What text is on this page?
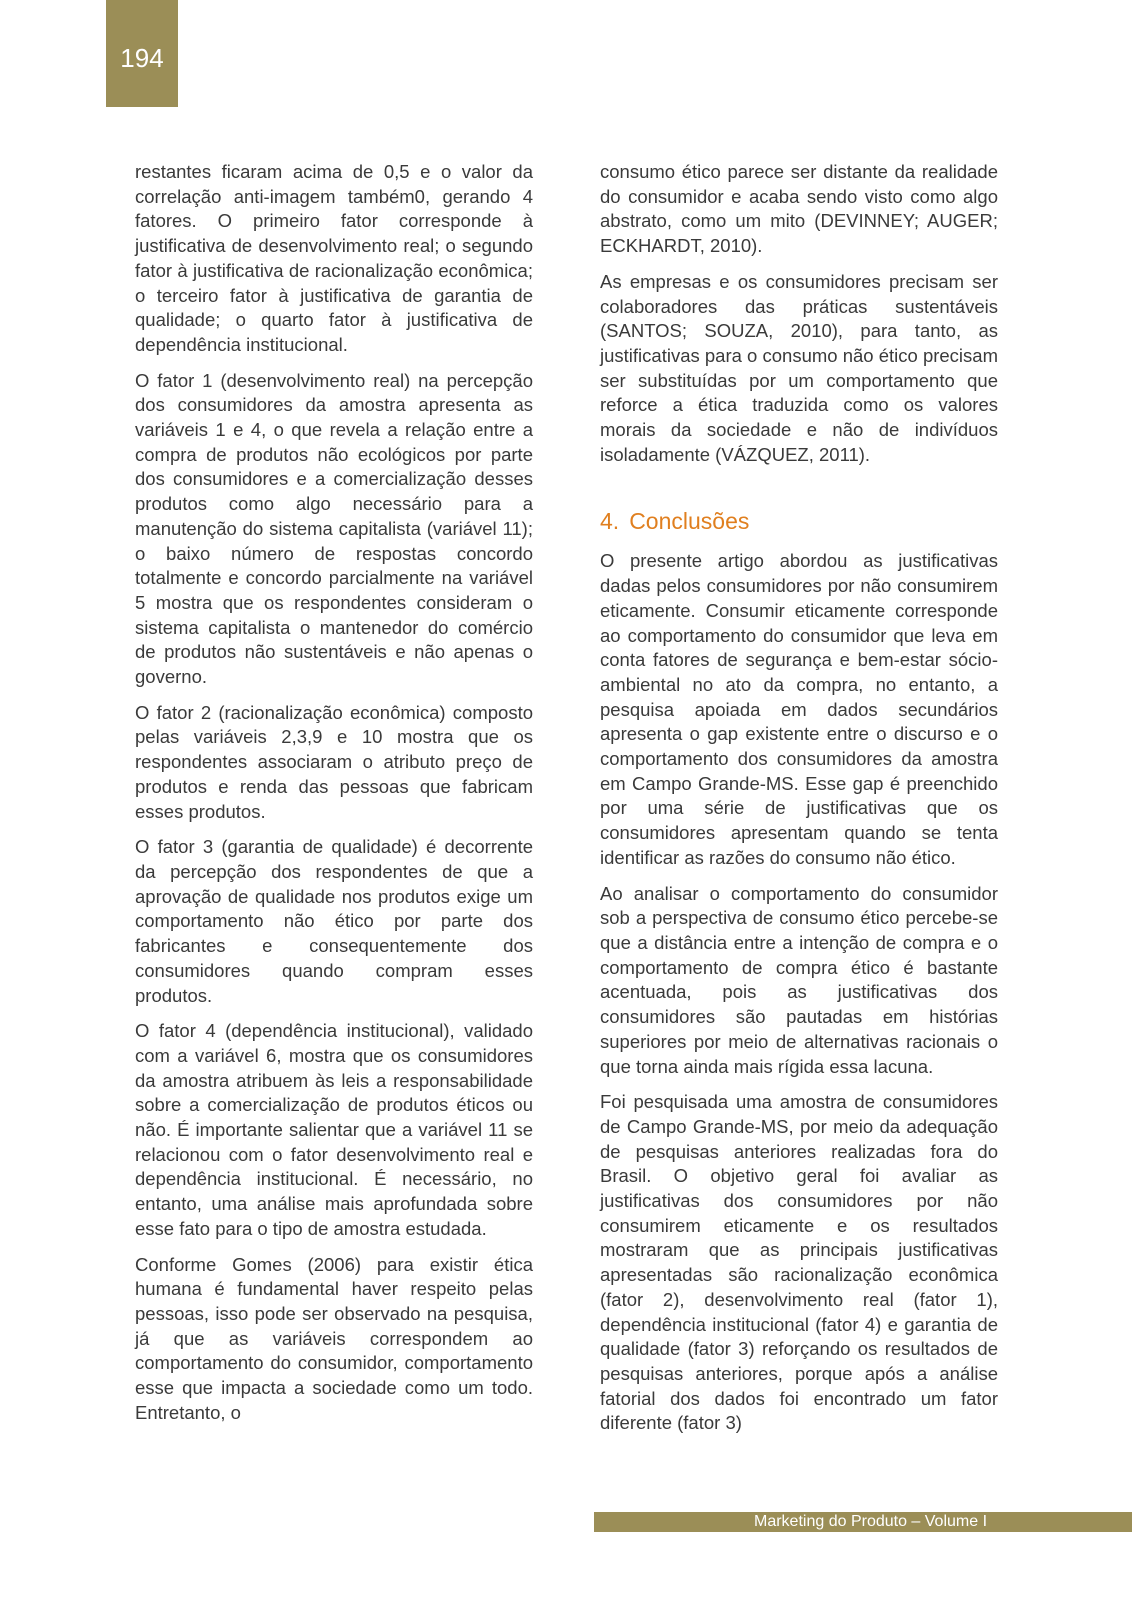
194

restantes ficaram acima de 0,5 e o valor da correlação anti-imagem também0, gerando 4 fatores. O primeiro fator corresponde à justificativa de desenvolvimento real; o segundo fator à justificativa de racionalização econômica; o terceiro fator à justificativa de garantia de qualidade; o quarto fator à justificativa de dependência institucional.

O fator 1 (desenvolvimento real) na percepção dos consumidores da amostra apresenta as variáveis 1 e 4, o que revela a relação entre a compra de produtos não ecológicos por parte dos consumidores e a comercialização desses produtos como algo necessário para a manutenção do sistema capitalista (variável 11); o baixo número de respostas concordo totalmente e concordo parcialmente na variável 5 mostra que os respondentes consideram o sistema capitalista o mantenedor do comércio de produtos não sustentáveis e não apenas o governo.

O fator 2 (racionalização econômica) composto pelas variáveis 2,3,9 e 10 mostra que os respondentes associaram o atributo preço de produtos e renda das pessoas que fabricam esses produtos.

O fator 3 (garantia de qualidade) é decorrente da percepção dos respondentes de que a aprovação de qualidade nos produtos exige um comportamento não ético por parte dos fabricantes e consequentemente dos consumidores quando compram esses produtos.

O fator 4 (dependência institucional), validado com a variável 6, mostra que os consumidores da amostra atribuem às leis a responsabilidade sobre a comercialização de produtos éticos ou não. É importante salientar que a variável 11 se relacionou com o fator desenvolvimento real e dependência institucional. É necessário, no entanto, uma análise mais aprofundada sobre esse fato para o tipo de amostra estudada.

Conforme Gomes (2006) para existir ética humana é fundamental haver respeito pelas pessoas, isso pode ser observado na pesquisa, já que as variáveis correspondem ao comportamento do consumidor, comportamento esse que impacta a sociedade como um todo. Entretanto, o

consumo ético parece ser distante da realidade do consumidor e acaba sendo visto como algo abstrato, como um mito (DEVINNEY; AUGER; ECKHARDT, 2010).

As empresas e os consumidores precisam ser colaboradores das práticas sustentáveis (SANTOS; SOUZA, 2010), para tanto, as justificativas para o consumo não ético precisam ser substituídas por um comportamento que reforce a ética traduzida como os valores morais da sociedade e não de indivíduos isoladamente (VÁZQUEZ, 2011).

4. Conclusões

O presente artigo abordou as justificativas dadas pelos consumidores por não consumirem eticamente. Consumir eticamente corresponde ao comportamento do consumidor que leva em conta fatores de segurança e bem-estar sócio-ambiental no ato da compra, no entanto, a pesquisa apoiada em dados secundários apresenta o gap existente entre o discurso e o comportamento dos consumidores da amostra em Campo Grande-MS. Esse gap é preenchido por uma série de justificativas que os consumidores apresentam quando se tenta identificar as razões do consumo não ético.

Ao analisar o comportamento do consumidor sob a perspectiva de consumo ético percebe-se que a distância entre a intenção de compra e o comportamento de compra ético é bastante acentuada, pois as justificativas dos consumidores são pautadas em histórias superiores por meio de alternativas racionais o que torna ainda mais rígida essa lacuna.

Foi pesquisada uma amostra de consumidores de Campo Grande-MS, por meio da adequação de pesquisas anteriores realizadas fora do Brasil. O objetivo geral foi avaliar as justificativas dos consumidores por não consumirem eticamente e os resultados mostraram que as principais justificativas apresentadas são racionalização econômica (fator 2), desenvolvimento real (fator 1), dependência institucional (fator 4) e garantia de qualidade (fator 3) reforçando os resultados de pesquisas anteriores, porque após a análise fatorial dos dados foi encontrado um fator diferente (fator 3)

Marketing do Produto – Volume I
